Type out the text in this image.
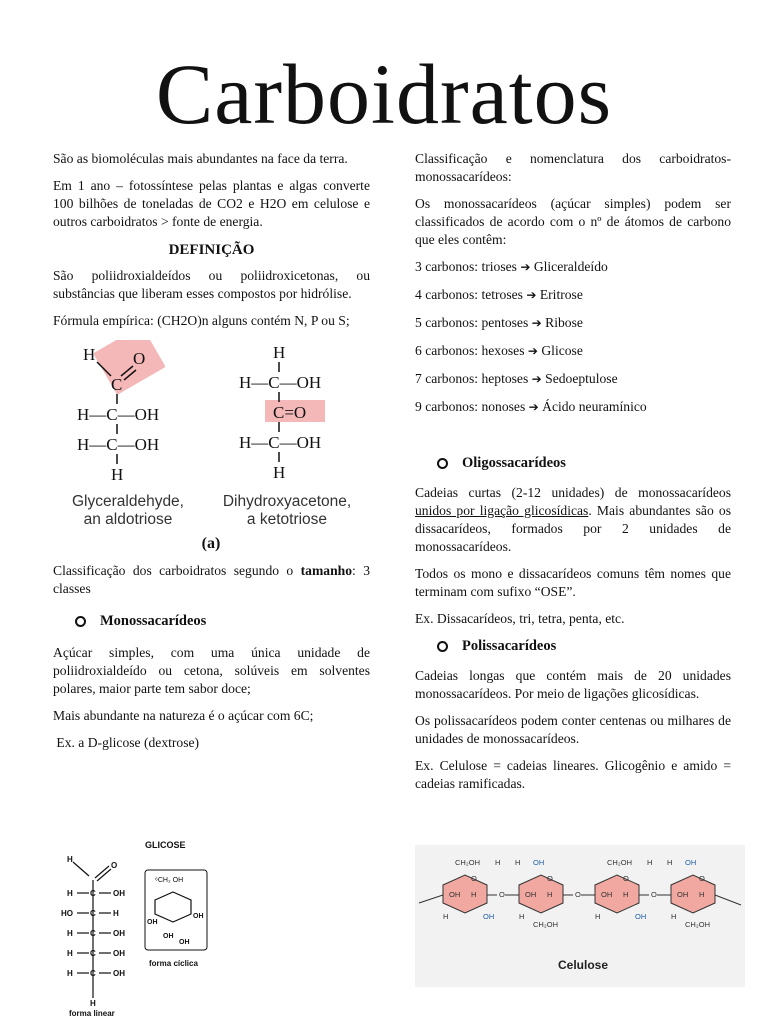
Carboidratos

São as biomoléculas mais abundantes na face da terra.

Em 1 ano – fotossíntese pelas plantas e algas converte 100 bilhões de toneladas de CO2 e H2O em celulose e outros carboidratos > fonte de energia.

DEFINIÇÃO

São poliidroxialdeídos ou poliidroxicetonas, ou substâncias que liberam esses compostos por hidrólise.

Fórmula empírica: (CH2O)n alguns contém N, P ou S;

H O
C
H—C—OH
H—C—OH
H
H
H—C—OH
C=O
H—C—OH
H
Glyceraldehyde,
an aldotriose
Dihydroxyacetone,
a ketotriose
(a)

Classificação dos carboidratos segundo o tamanho: 3 classes

Monossacarídeos

Açúcar simples, com uma única unidade de poliidroxialdeído ou cetona, solúveis em solventes polares, maior parte tem sabor doce;

Mais abundante na natureza é o açúcar com 6C;

Ex. a D-glicose (dextrose)

GLICOSE
H
O
H C OH
HO C H
H C OH
H C OH
H C OH
H
forma linear
⁶CH₂ OH
OH
OH
OH
OH
forma cíclica

Classificação e nomenclatura dos carboidratos- monossacarídeos:

Os monossacarídeos (açúcar simples) podem ser classificados de acordo com o nº de átomos de carbono que eles contêm:

3 carbonos: trioses ➔ Gliceraldeído
4 carbonos: tetroses ➔ Eritrose
5 carbonos: pentoses ➔ Ribose
6 carbonos: hexoses ➔ Glicose
7 carbonos: heptoses ➔ Sedoeptulose
9 carbonos: nonoses ➔ Ácido neuramínico
Oligossacarídeos

Cadeias curtas (2-12 unidades) de monossacarídeos unidos por ligação glicosídicas. Mais abundantes são os dissacarídeos, formados por 2 unidades de monossacarídeos.

Todos os mono e dissacarídeos comuns têm nomes que terminam com sufixo “OSE”.

Ex. Dissacarídeos, tri, tetra, penta, etc.

Polissacarídeos

Cadeias longas que contém mais de 20 unidades monossacarídeos. Por meio de ligações glicosídicas.

Os polissacarídeos podem conter centenas ou milhares de unidades de monossacarídeos.

Ex. Celulose = cadeias lineares. Glicogênio e amido = cadeias ramificadas.

O
CH₂OH
OH
H
OH H
H
O
O
CH₂OH
OH
H
OH H
H
O
O
CH₂OH
OH
H
OH H
H
O
O
CH₂OH
OH
H
OH H
H
Celulose
